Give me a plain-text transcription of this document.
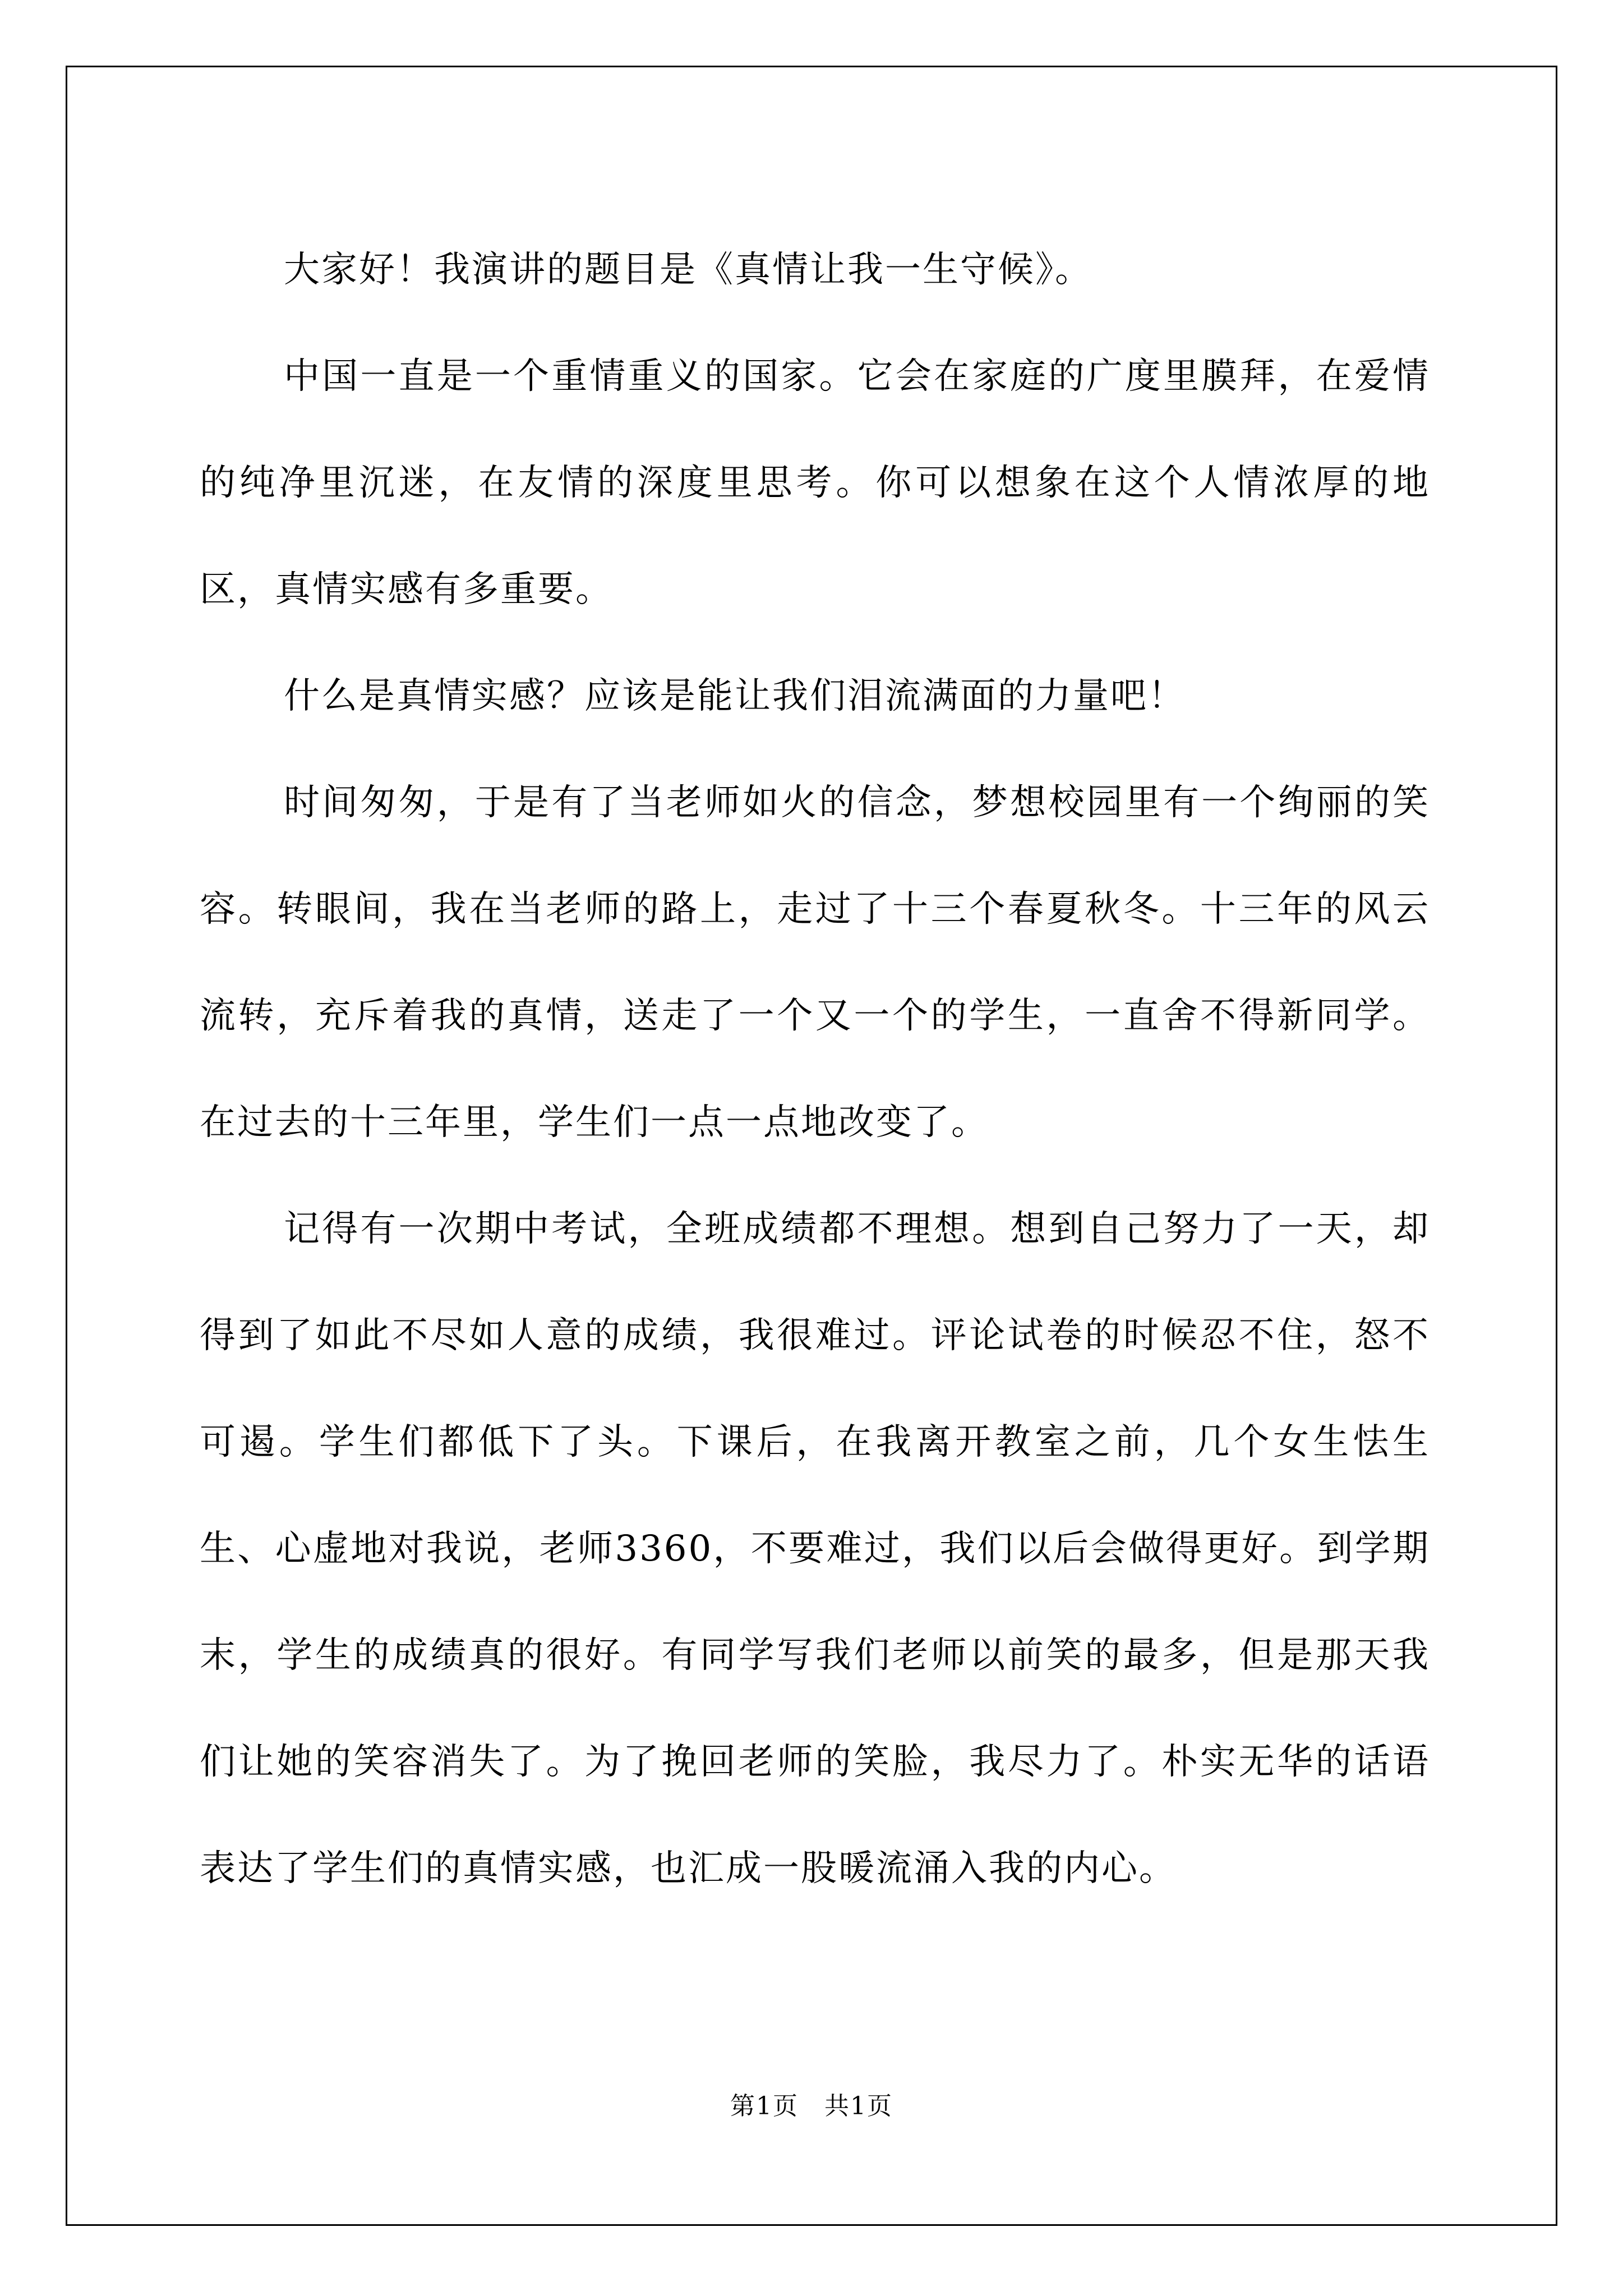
大家好！我演讲的题目是《真情让我一生守候》。

中国一直是一个重情重义的国家。它会在家庭的广度里膜拜，在爱情的纯净里沉迷，在友情的深度里思考。你可以想象在这个人情浓厚的地区，真情实感有多重要。

什么是真情实感？应该是能让我们泪流满面的力量吧！

时间匆匆，于是有了当老师如火的信念，梦想校园里有一个绚丽的笑容。转眼间，我在当老师的路上，走过了十三个春夏秋冬。十三年的风云流转，充斥着我的真情，送走了一个又一个的学生，一直舍不得新同学。在过去的十三年里，学生们一点一点地改变了。

记得有一次期中考试，全班成绩都不理想。想到自己努力了一天，却得到了如此不尽如人意的成绩，我很难过。评论试卷的时候忍不住，怒不可遏。学生们都低下了头。下课后，在我离开教室之前，几个女生怯生生、心虚地对我说，老师3360，不要难过，我们以后会做得更好。到学期末，学生的成绩真的很好。有同学写我们老师以前笑的最多，但是那天我们让她的笑容消失了。为了挽回老师的笑脸，我尽力了。朴实无华的话语表达了学生们的真情实感，也汇成一股暖流涌入我的内心。

第1页　共1页
